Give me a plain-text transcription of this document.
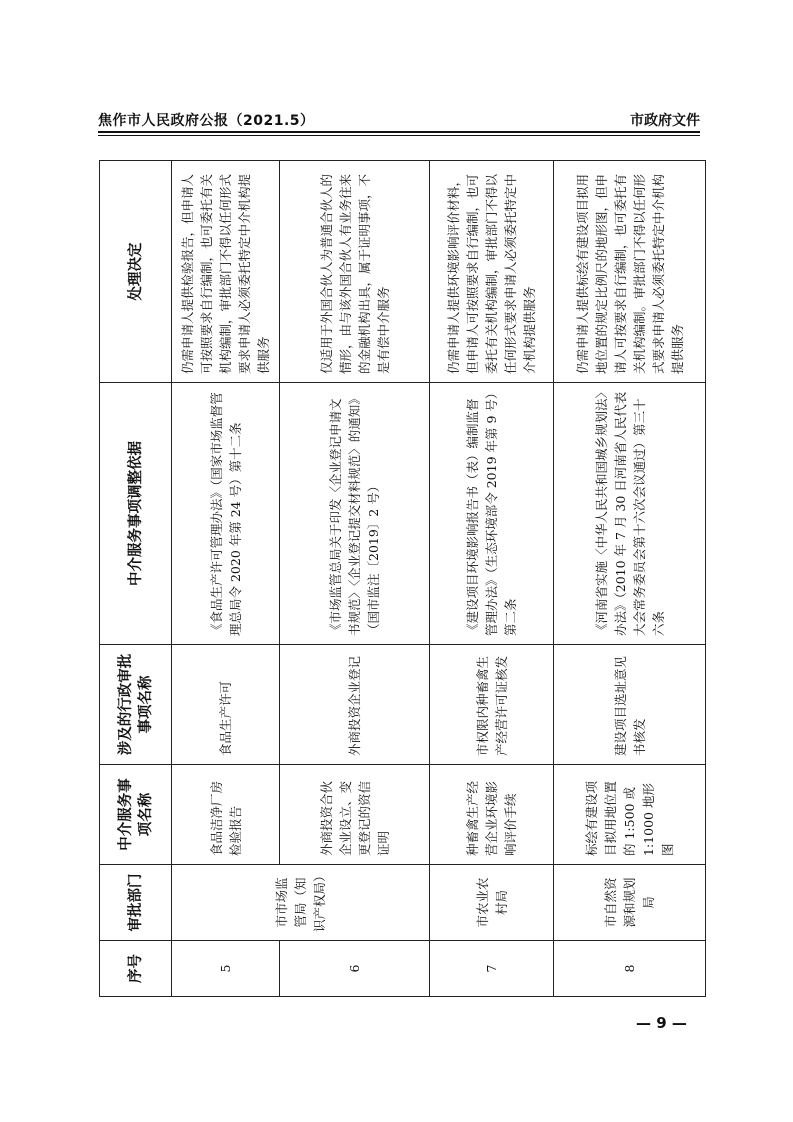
焦作市人民政府公报（2021.5）	市政府文件
序号	审批部门	中介服务事项名称	涉及的行政审批事项名称	中介服务事项调整依据	处理决定
5	市市场监管局（知识产权局）	食品洁净厂房检验报告	食品生产许可	《食品生产许可管理办法》（国家市场监督管理总局令 2020 年第 24 号）第十二条	仍需申请人提供检验报告，但申请人可按照要求自行编制，也可委托有关机构编制，审批部门不得以任何形式要求申请人必须委托特定中介机构提供服务
6		外商投资合伙企业设立、变更登记的资信证明	外商投资企业登记	《市场监管总局关于印发〈企业登记申请文书规范〉〈企业登记提交材料规范〉的通知》（国市监注〔2019〕2 号）	仅适用于外国合伙人为普通合伙人的情形，由与该外国合伙人有业务往来的金融机构出具，属于证明事项，不是有偿中介服务
7	市农业农村局	种畜禽生产经营企业环境影响评价手续	市权限内种畜禽生产经营许可证核发	《建设项目环境影响报告书（表）编制监督管理办法》（生态环境部令 2019 年第 9 号）第二条	仍需申请人提供环境影响评价材料，但申请人可按照要求自行编制，也可委托有关机构编制，审批部门不得以任何形式要求申请人必须委托特定中介机构提供服务
8	市自然资源和规划局	标绘有建设项目拟用地位置的 1:500 或 1:1000 地形图	建设项目选址意见书核发	《河南省实施〈中华人民共和国城乡规划法〉办法》（2010 年 7 月 30 日河南省人民代表大会常务委员会第十六次会议通过）第三十六条	仍需申请人提供标绘有建设项目拟用地位置的规定比例尺的地形图，但申请人可按要求自行编制，也可委托有关机构编制。审批部门不得以任何形式要求申请人必须委托特定中介机构提供服务
— 9 —
